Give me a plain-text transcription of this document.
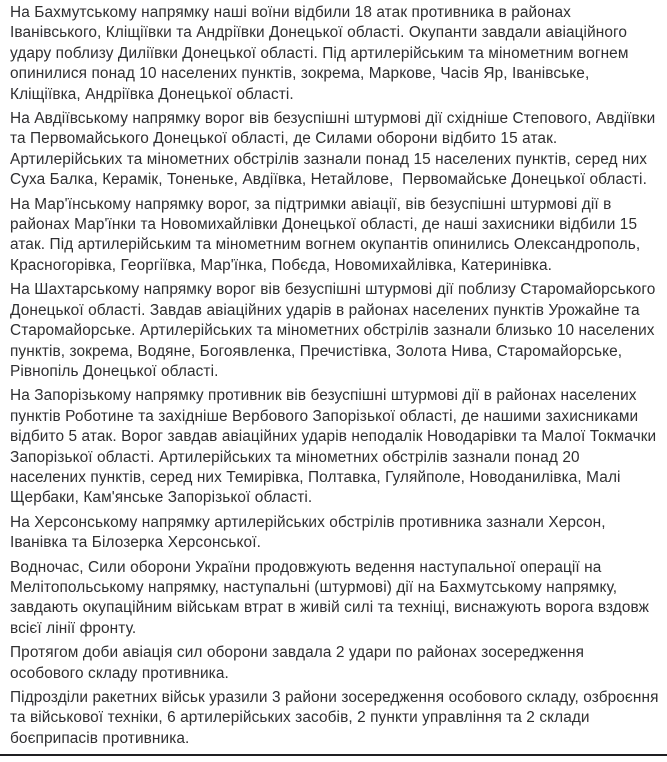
На Бахмутському напрямку наші воїни відбили 18 атак противника в районах  Іванівського, Кліщіївки та Андріївки Донецької області. Окупанти завдали авіаційного удару поблизу Диліївки Донецької області. Під артилерійським та мінометним вогнем опинилися понад 10 населених пунктів, зокрема, Маркове, Часів Яр, Іванівське, Кліщіївка, Андріївка Донецької області.

На Авдіївському напрямку ворог вів безуспішні штурмові дії східніше Степового, Авдіївки та Первомайського Донецької області, де Силами оборони відбито 15 атак. Артилерійських та мінометних обстрілів зазнали понад 15 населених пунктів, серед них Суха Балка, Керамік, Тоненьке, Авдіївка, Нетайлове,  Первомайське Донецької області.

На Мар'їнському напрямку ворог, за підтримки авіації, вів безуспішні штурмові дії в районах Мар'їнки та Новомихайлівки Донецької області, де наші захисники відбили 15 атак. Під артилерійським та мінометним вогнем окупантів опинились Олександрополь, Красногорівка, Георгіївка, Мар'їнка, Побєда, Новомихайлівка, Катеринівка.

На Шахтарському напрямку ворог вів безуспішні штурмові дії поблизу Старомайорського Донецької області. Завдав авіаційних ударів в районах населених пунктів Урожайне та Старомайорське. Артилерійських та мінометних обстрілів зазнали близько 10 населених пунктів, зокрема, Водяне, Богоявленка, Пречистівка, Золота Нива, Старомайорське, Рівнопіль Донецької області.

На Запорізькому напрямку противник вів безуспішні штурмові дії в районах населених пунктів Роботине та західніше Вербового Запорізької області, де нашими захисниками відбито 5 атак. Ворог завдав авіаційних ударів неподалік Новодарівки та Малої Токмачки Запорізької області. Артилерійських та мінометних обстрілів зазнали понад 20 населених пунктів, серед них Темирівка, Полтавка, Гуляйполе, Новоданилівка, Малі Щербаки, Кам'янське Запорізької області.

На Херсонському напрямку артилерійських обстрілів противника зазнали Херсон, Іванівка та Білозерка Херсонської.

Водночас, Сили оборони України продовжують ведення наступальної операції на Мелітопольському напрямку, наступальні (штурмові) дії на Бахмутському напрямку, завдають окупаційним військам втрат в живій силі та техніці, виснажують ворога вздовж всієї лінії фронту.

Протягом доби авіація сил оборони завдала 2 удари по районах зосередження особового складу противника.

Підрозділи ракетних військ уразили 3 райони зосередження особового складу, озброєння та військової техніки, 6 артилерійських засобів, 2 пункти управління та 2 склади боєприпасів противника.
